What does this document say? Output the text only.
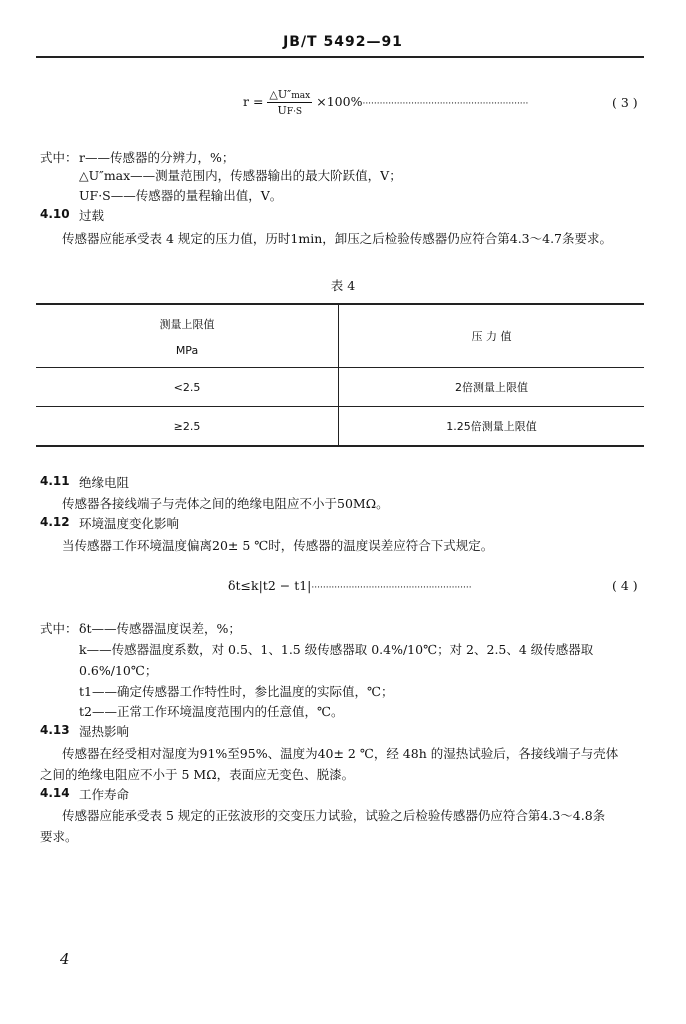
JB/T 5492—91
$r = \frac{\triangle U''\max}{UF\cdot S} \times 100\%\cdot\cdot\cdot\cdot\cdot\cdot\cdot\cdot\cdot\cdot\cdot\cdot\cdot\cdot\cdot\cdot\cdot\cdot\cdot\cdot\cdot\cdot\cdot\cdot\cdot\cdot\cdot\cdot\cdot\cdot\cdot\cdot\cdot\cdot\cdot\cdot\cdot\cdot\cdot\cdot\cdot\cdot\cdot\cdot\cdot\cdot\cdot\cdot\cdot\cdot\cdot\cdot\cdot\cdot\cdot\cdot\cdot\cdot$	( 3 )
式中： r——传感器的分辨力，%；
△U″max——测量范围内，传感器输出的最大阶跃值，V；
UF·S——传感器的量程输出值，V。
4.10 过载
传感器应能承受表 4 规定的压力值，历时1min，卸压之后检验传感器仍应符合第4.3～4.7条要求。
表 4
测量上限值
MPa	压 力 值
<2.5	2倍测量上限值
≥2.5	1.25倍测量上限值
4.11 绝缘电阻
传感器各接线端子与壳体之间的绝缘电阻应不小于50MΩ。
4.12 环境温度变化影响
当传感器工作环境温度偏离20± 5 ℃时，传感器的温度误差应符合下式规定。
δt≤k|t2 − t1|························································	( 4 )
式中： δt——传感器温度误差，%；
k——传感器温度系数，对 0.5、1、1.5 级传感器取 0.4%/10℃；对 2、2.5、4 级传感器取
0.6%/10℃；
t1——确定传感器工作特性时，参比温度的实际值，℃；
t2——正常工作环境温度范围内的任意值，℃。
4.13 湿热影响
传感器在经受相对湿度为91%至95%、温度为40± 2 ℃，经 48h 的湿热试验后，各接线端子与壳体
之间的绝缘电阻应不小于 5 MΩ，表面应无变色、脱漆。
4.14 工作寿命
传感器应能承受表 5 规定的正弦波形的交变压力试验，试验之后检验传感器仍应符合第4.3～4.8条
要求。
4
